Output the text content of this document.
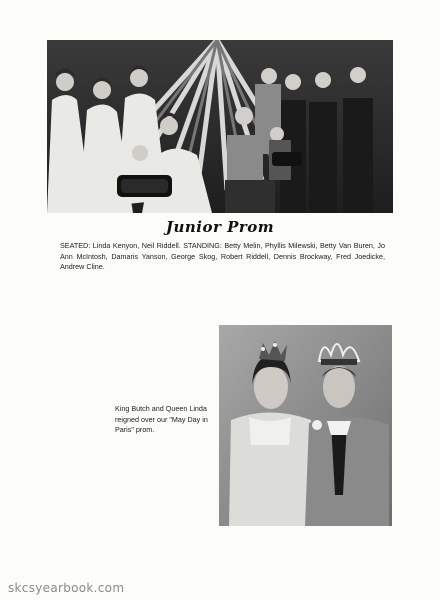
Junior Prom
SEATED: Linda Kenyon, Neil Riddell. STANDING: Betty Melin, Phyllis Milewski, Betty Van Buren, Jo Ann McIntosh, Damaris Yanson, George Skog, Robert Riddell, Dennis Brockway, Fred Joedicke, Andrew Cline.
King Butch and Queen Linda reigned over our "May Day in Paris" prom.
skcsyearbook.com
